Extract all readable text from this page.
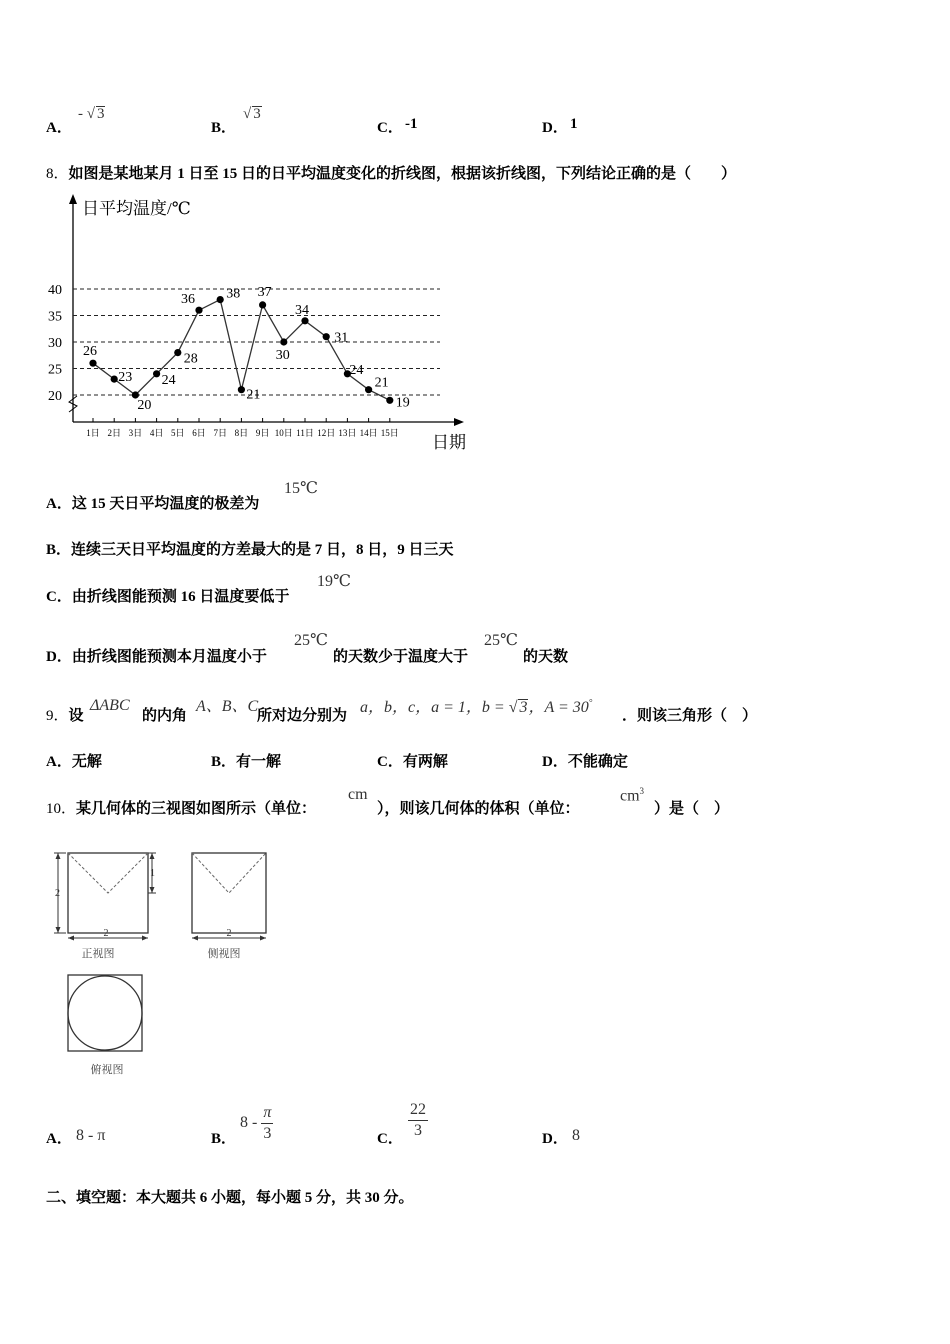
A．
- √ 3
B．
√ 3
C． -1	D． 1
8．如图是某地某月 1 日至 15 日的日平均温度变化的折线图，根据该折线图，下列结论正确的是（　　）
日平均温度/℃
日期
20
25
30
35
40
1日 2日 3日 4日 5日 6日 7日 8日 9日 10日 11日 12日 13日 14日 15日
26
23
20
24
28
36 38
21
37
30
34
31
24
21
19
A．这 15 天日平均温度的极差为
15℃
B．连续三天日平均温度的方差最大的是 7 日，8 日，9 日三天
C．由折线图能预测 16 日温度要低于
19℃
D．由折线图能预测本月温度小于
25℃
的天数少于温度大于
25℃
的天数
9．设
ΔABC
的内角
A、B、C
所对边分别为 a，b，c，a = 1，b = √ 3，A = 30°
．则该三角形（　）
A．无解	B．有一解	C．有两解	D．不能确定
10．某几何体的三视图如图所示（单位：
cm
），则该几何体的体积（单位：
$cm^3$
）是（　）
2
1
2
正视图
2
侧视图
俯视图
A． 8 - π	B．
$8 - \frac{\pi}{3}$	C． $\frac{22}{3}$	D． 8
二、填空题：本大题共 6 小题，每小题 5 分，共 30 分。
